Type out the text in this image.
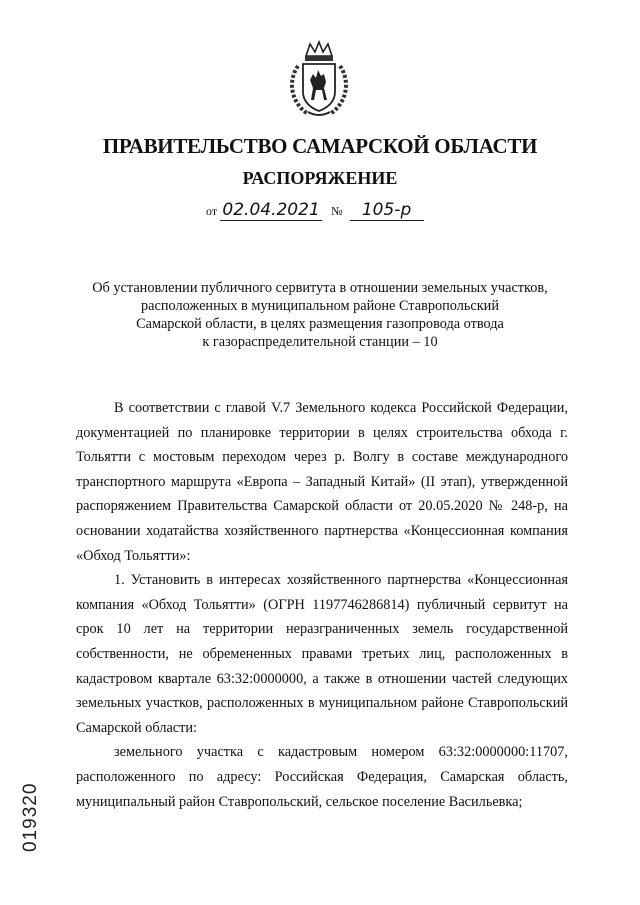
ПРАВИТЕЛЬСТВО САМАРСКОЙ ОБЛАСТИ
РАСПОРЯЖЕНИЕ
от 02.04.2021 № 105-р
Об установлении публичного сервитута в отношении земельных участков,
расположенных в муниципальном районе Ставропольский
Самарской области, в целях размещения газопровода отвода
к газораспределительной станции – 10

В соответствии с главой V.7 Земельного кодекса Российской Федерации, документацией по планировке территории в целях строительства обхода г. Тольятти с мостовым переходом через р. Волгу в составе международного транспортного маршрута «Европа – Западный Китай» (II этап), утвержденной распоряжением Правительства Самарской области от 20.05.2020 № 248-р, на основании ходатайства хозяйственного партнерства «Концессионная компания «Обход Тольятти»:

1. Установить в интересах хозяйственного партнерства «Концессионная компания «Обход Тольятти» (ОГРН 1197746286814) публичный сервитут на срок 10 лет на территории неразграниченных земель государственной собственности, не обремененных правами третьих лиц, расположенных в кадастровом квартале 63:32:0000000, а также в отношении частей следующих земельных участков, расположенных в муниципальном районе Ставропольский Самарской области:

земельного участка с кадастровым номером 63:32:0000000:11707, расположенного по адресу: Российская Федерация, Самарская область, муниципальный район Ставропольский, сельское поселение Васильевка;

019320
